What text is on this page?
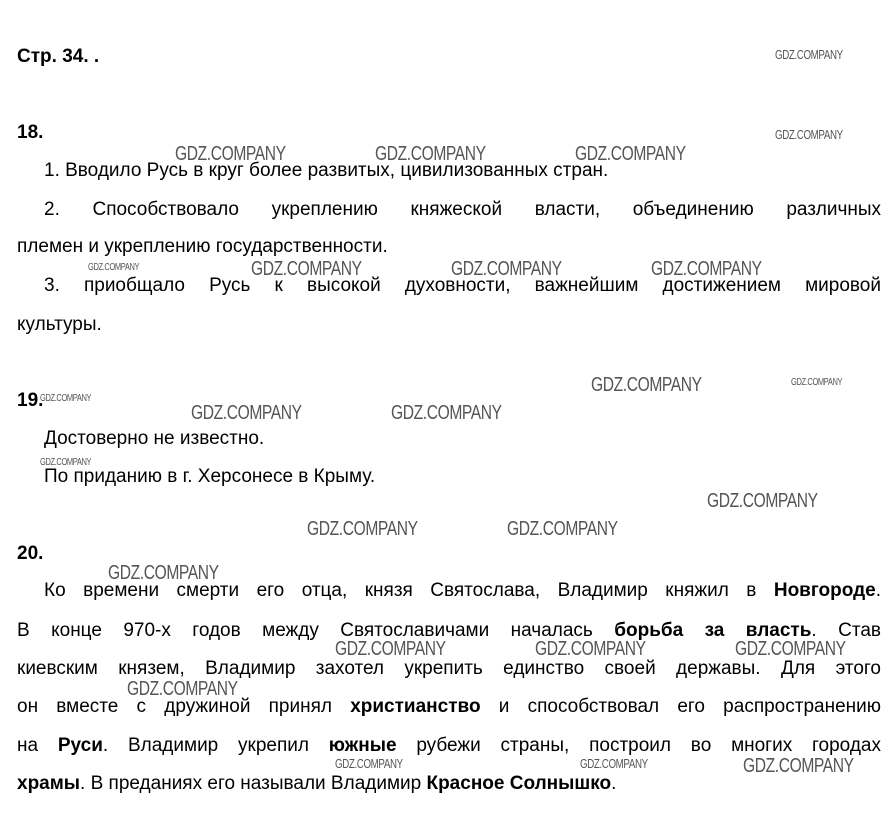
Стр. 34. .
18.
1. Вводило Русь в круг более развитых, цивилизованных стран.
2. Способствовало укреплению княжеской власти, объединению различных
племен и укреплению государственности.
3. приобщало Русь к высокой духовности, важнейшим достижением мировой
культуры.
19.
Достоверно не известно.
По приданию в г. Херсонесе в Крыму.
20.
Ко времени смерти его отца, князя Святослава, Владимир княжил в Новгороде.
В конце 970-х годов между Святославичами началась борьба за власть. Став
киевским князем, Владимир захотел укрепить единство своей державы. Для этого
он вместе с дружиной принял христианство и способствовал его распространению
на Руси. Владимир укрепил южные рубежи страны, построил во многих городах
храмы. В преданиях его называли Владимир Красное Солнышко.
GDZ.COMPANY
GDZ.COMPANY
GDZ.COMPANY	GDZ.COMPANY	GDZ.COMPANY
GDZ.COMPANY	GDZ.COMPANY	GDZ.COMPANY	GDZ.COMPANY
GDZ.COMPANY	GDZ.COMPANY
GDZ.COMPANY
GDZ.COMPANY	GDZ.COMPANY
GDZ.COMPANY
GDZ.COMPANY
GDZ.COMPANY	GDZ.COMPANY
GDZ.COMPANY
GDZ.COMPANY	GDZ.COMPANY	GDZ.COMPANY
GDZ.COMPANY
GDZ.COMPANY	GDZ.COMPANY	GDZ.COMPANY
